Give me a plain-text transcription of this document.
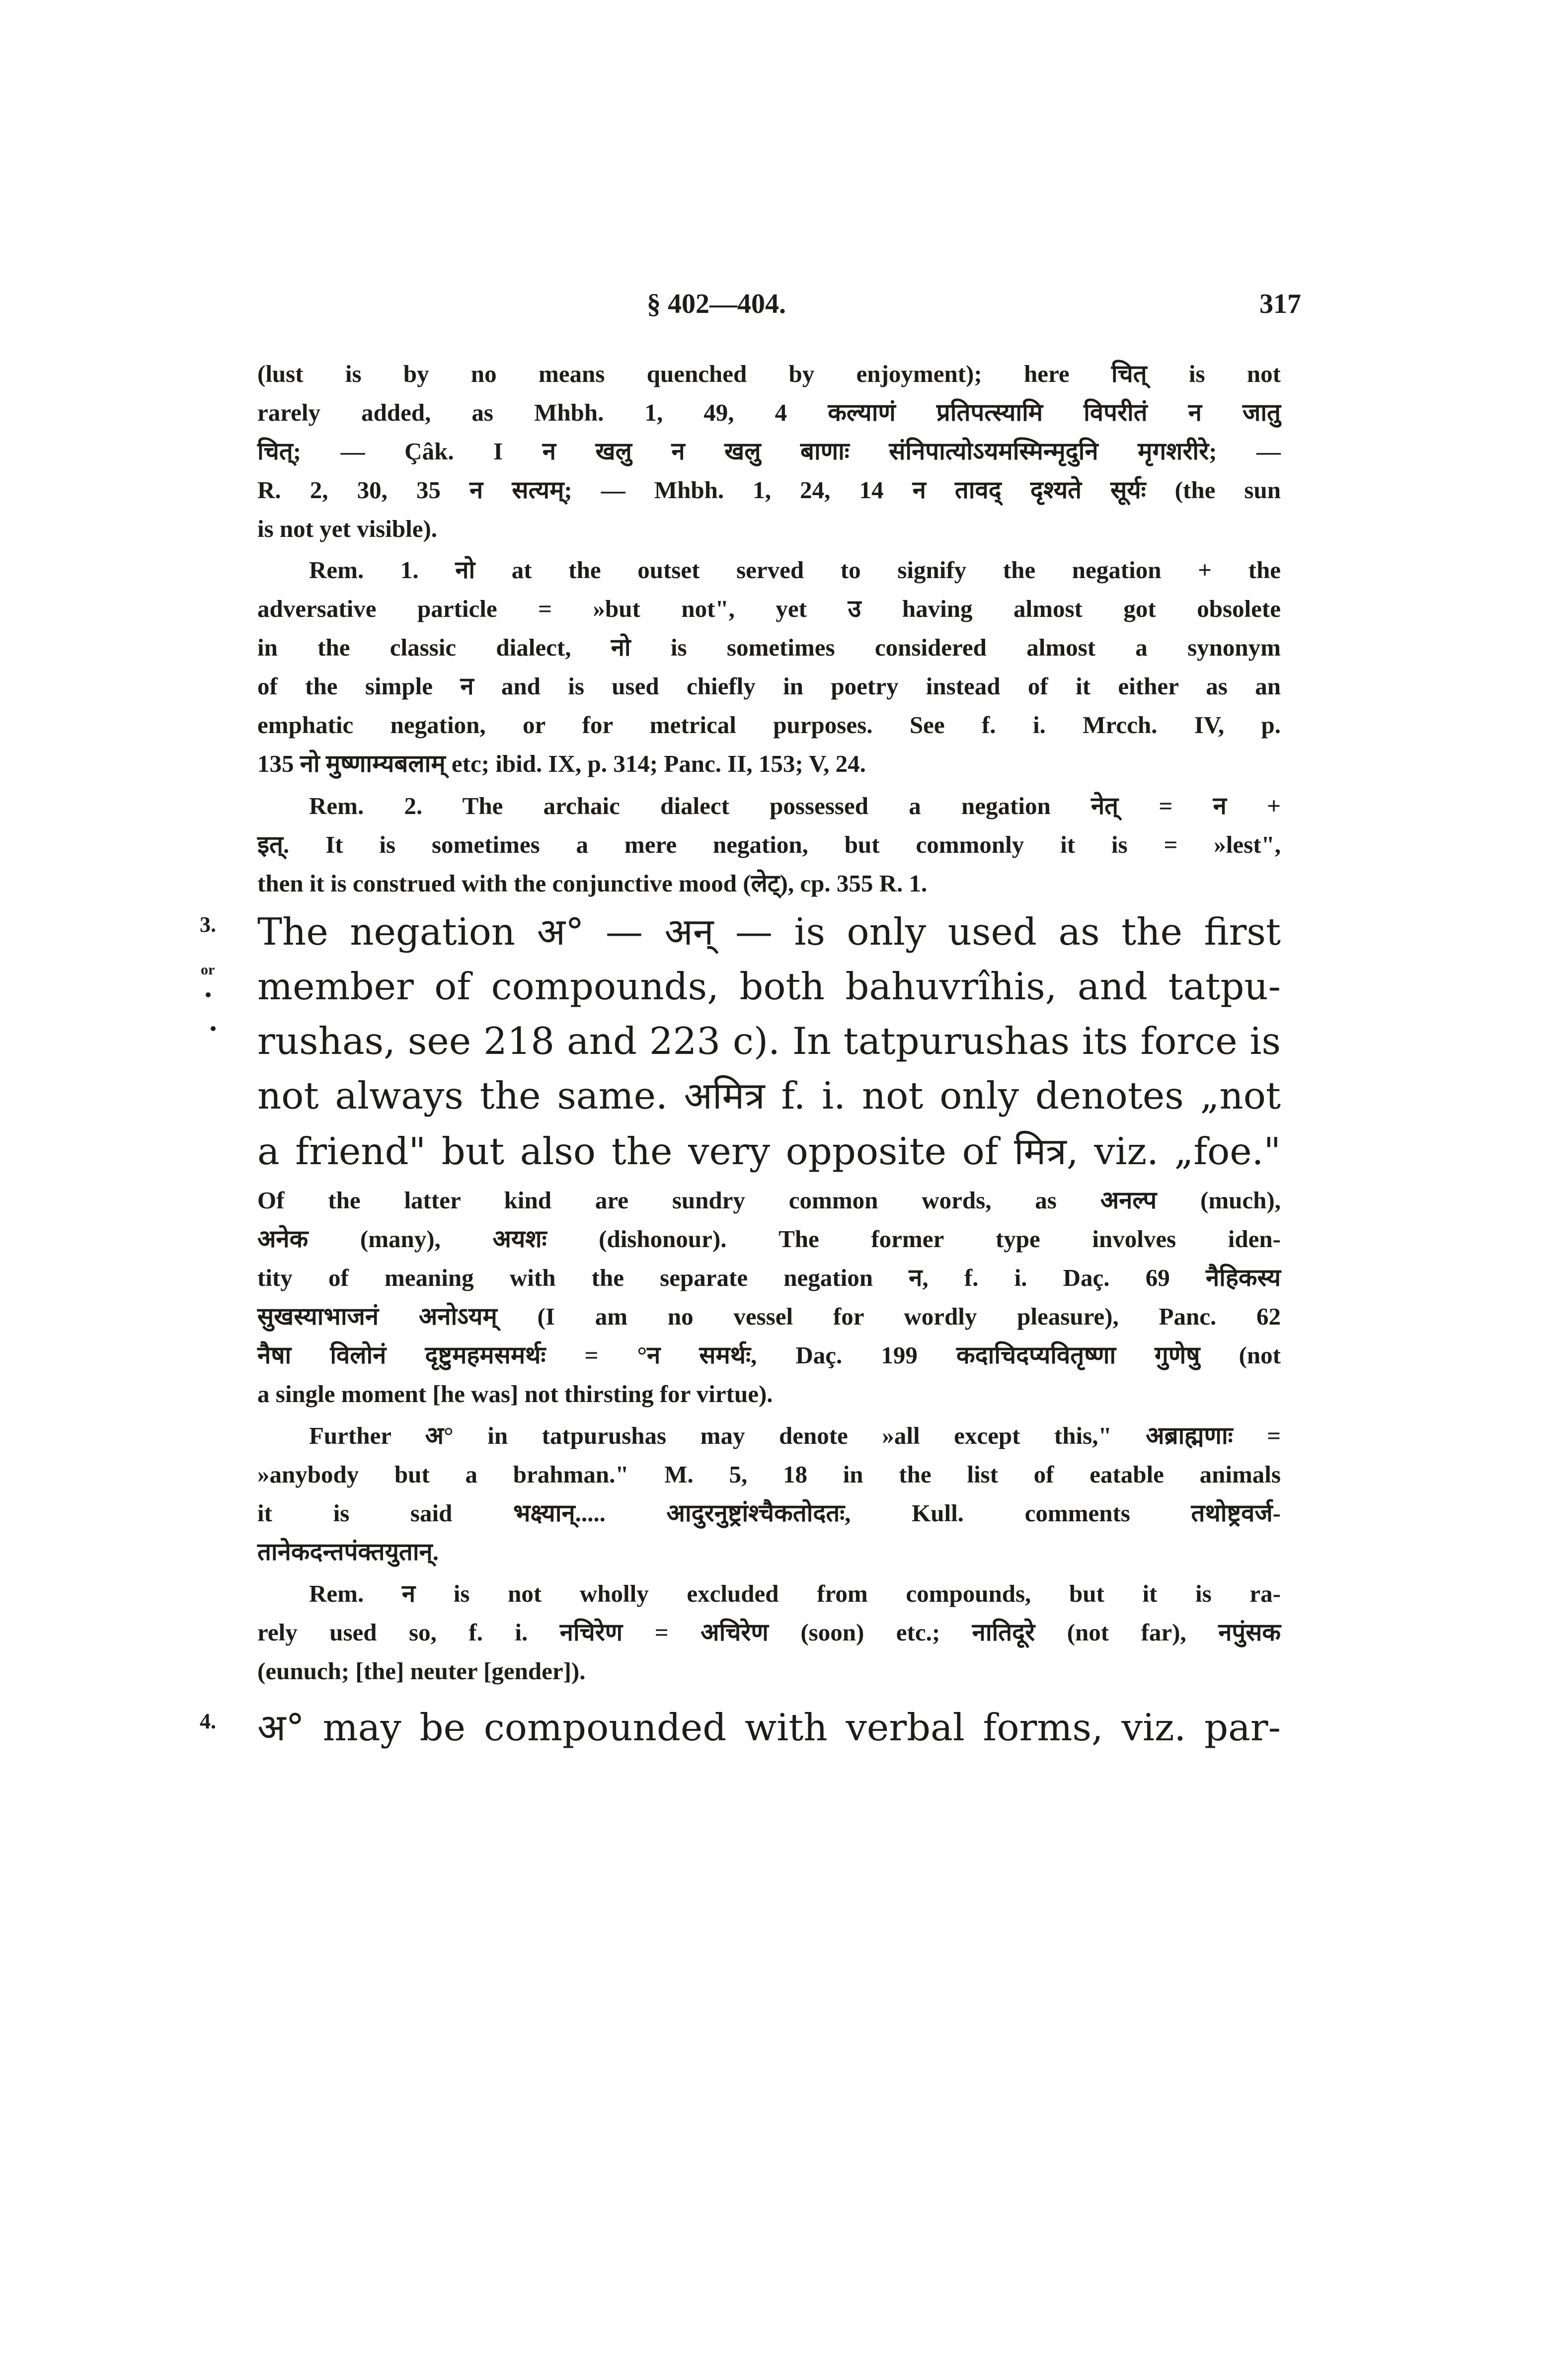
§ 402—404.	317
(lust is by no means quenched by enjoyment); here चित् is not
rarely added, as Mhbh. 1, 49, 4 कल्याणं प्रतिपत्स्यामि विपरीतं न जातु
चित्; — Çâk. I न खलु न खलु बाणाः संनिपात्योऽयमस्मिन्मृदुनि मृगशरीरे; —
R. 2, 30, 35 न सत्यम्; — Mhbh. 1, 24, 14 न तावद् दृश्यते सूर्यः (the sun
is not yet visible).
Rem. 1. नो at the outset served to signify the negation + the
adversative particle = »but not", yet उ having almost got obsolete
in the classic dialect, नो is sometimes considered almost a synonym
of the simple न and is used chiefly in poetry instead of it either as an
emphatic negation, or for metrical purposes. See f. i. Mrcch. IV, p.
135 नो मुष्णाम्यबलाम् etc; ibid. IX, p. 314; Panc. II, 153; V, 24.
Rem. 2. The archaic dialect possessed a negation नेत् = न +
इत्. It is sometimes a mere negation, but commonly it is = »lest",
then it is construed with the conjunctive mood (लेट्), cp. 355 R. 1.
3.
or
The negation अ° — अन् — is only used as the first
member of compounds, both bahuvrîhis, and tatpu-
rushas, see 218 and 223 c). In tatpurushas its force is
not always the same. अमित्र f. i. not only denotes „not
a friend" but also the very opposite of मित्र, viz. „foe."
Of the latter kind are sundry common words, as अनल्प (much),
अनेक (many), अयशः (dishonour). The former type involves iden-
tity of meaning with the separate negation न, f. i. Daç. 69 नैहिकस्य
सुखस्याभाजनं अनोऽयम् (I am no vessel for wordly pleasure), Panc. 62
नैषा विलोनं दृष्टुमहमसमर्थः = °न समर्थः, Daç. 199 कदाचिदप्यवितृष्णा गुणेषु (not
a single moment [he was] not thirsting for virtue).
Further अ° in tatpurushas may denote »all except this," अब्राह्मणाः =
»anybody but a brahman." M. 5, 18 in the list of eatable animals
it is said भक्ष्यान्..... आदुरनुष्ट्रांश्चैकतोदतः, Kull. comments तथोष्ट्रवर्ज-
तानेकदन्तपंक्तयुतान्.
Rem. न is not wholly excluded from compounds, but it is ra-
rely used so, f. i. नचिरेण = अचिरेण (soon) etc.; नातिदूरे (not far), नपुंसक
(eunuch; [the] neuter [gender]).
4. अ° may be compounded with verbal forms, viz. par-
